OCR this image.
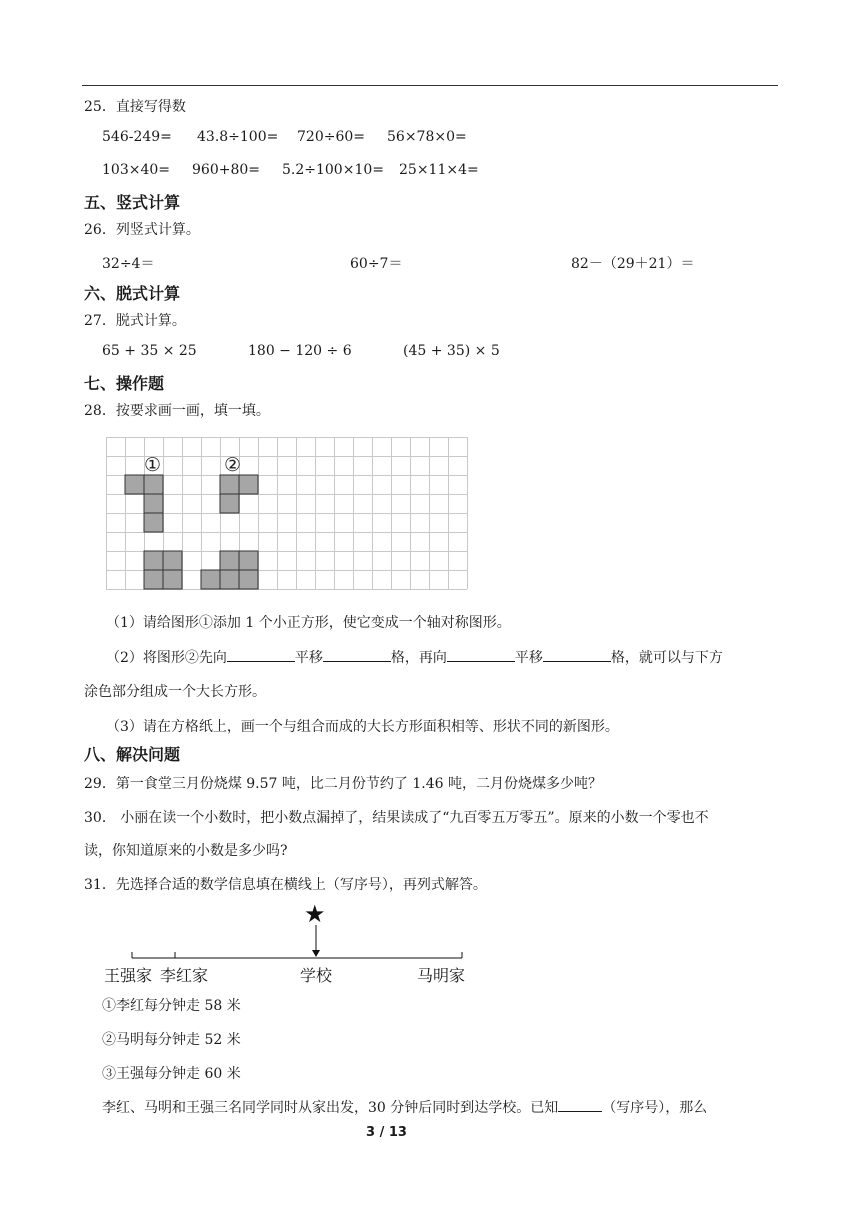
25．直接写得数
546-249= 43.8÷100= 720÷60= 56×78×0=
103×40= 960+80= 5.2÷100×10= 25×11×4=
五、竖式计算
26．列竖式计算。
32÷4＝	60÷7＝	82－（29＋21）＝
六、脱式计算
27．脱式计算。
65 + 35 × 25	180 − 120 ÷ 6	(45 + 35) × 5
七、操作题
28．按要求画一画，填一填。
①	②
（1）请给图形①添加 1 个小正方形，使它变成一个轴对称图形。
（2）将图形②先向	平移	格，再向	平移	格，就可以与下方
涂色部分组成一个大长方形。
（3）请在方格纸上，画一个与组合而成的大长方形面积相等、形状不同的新图形。
八、解决问题
29．第一食堂三月份烧煤 9.57 吨，比二月份节约了 1.46 吨，二月份烧煤多少吨？
30． 小丽在读一个小数时，把小数点漏掉了，结果读成了“九百零五万零五”。原来的小数一个零也不
读，你知道原来的小数是多少吗?
31．先选择合适的数学信息填在横线上（写序号），再列式解答。
★
王强家 李红家	学校	马明家
①李红每分钟走 58 米
②马明每分钟走 52 米
③王强每分钟走 60 米
李红、马明和王强三名同学同时从家出发，30 分钟后同时到达学校。已知	（写序号），那么
3 / 13
